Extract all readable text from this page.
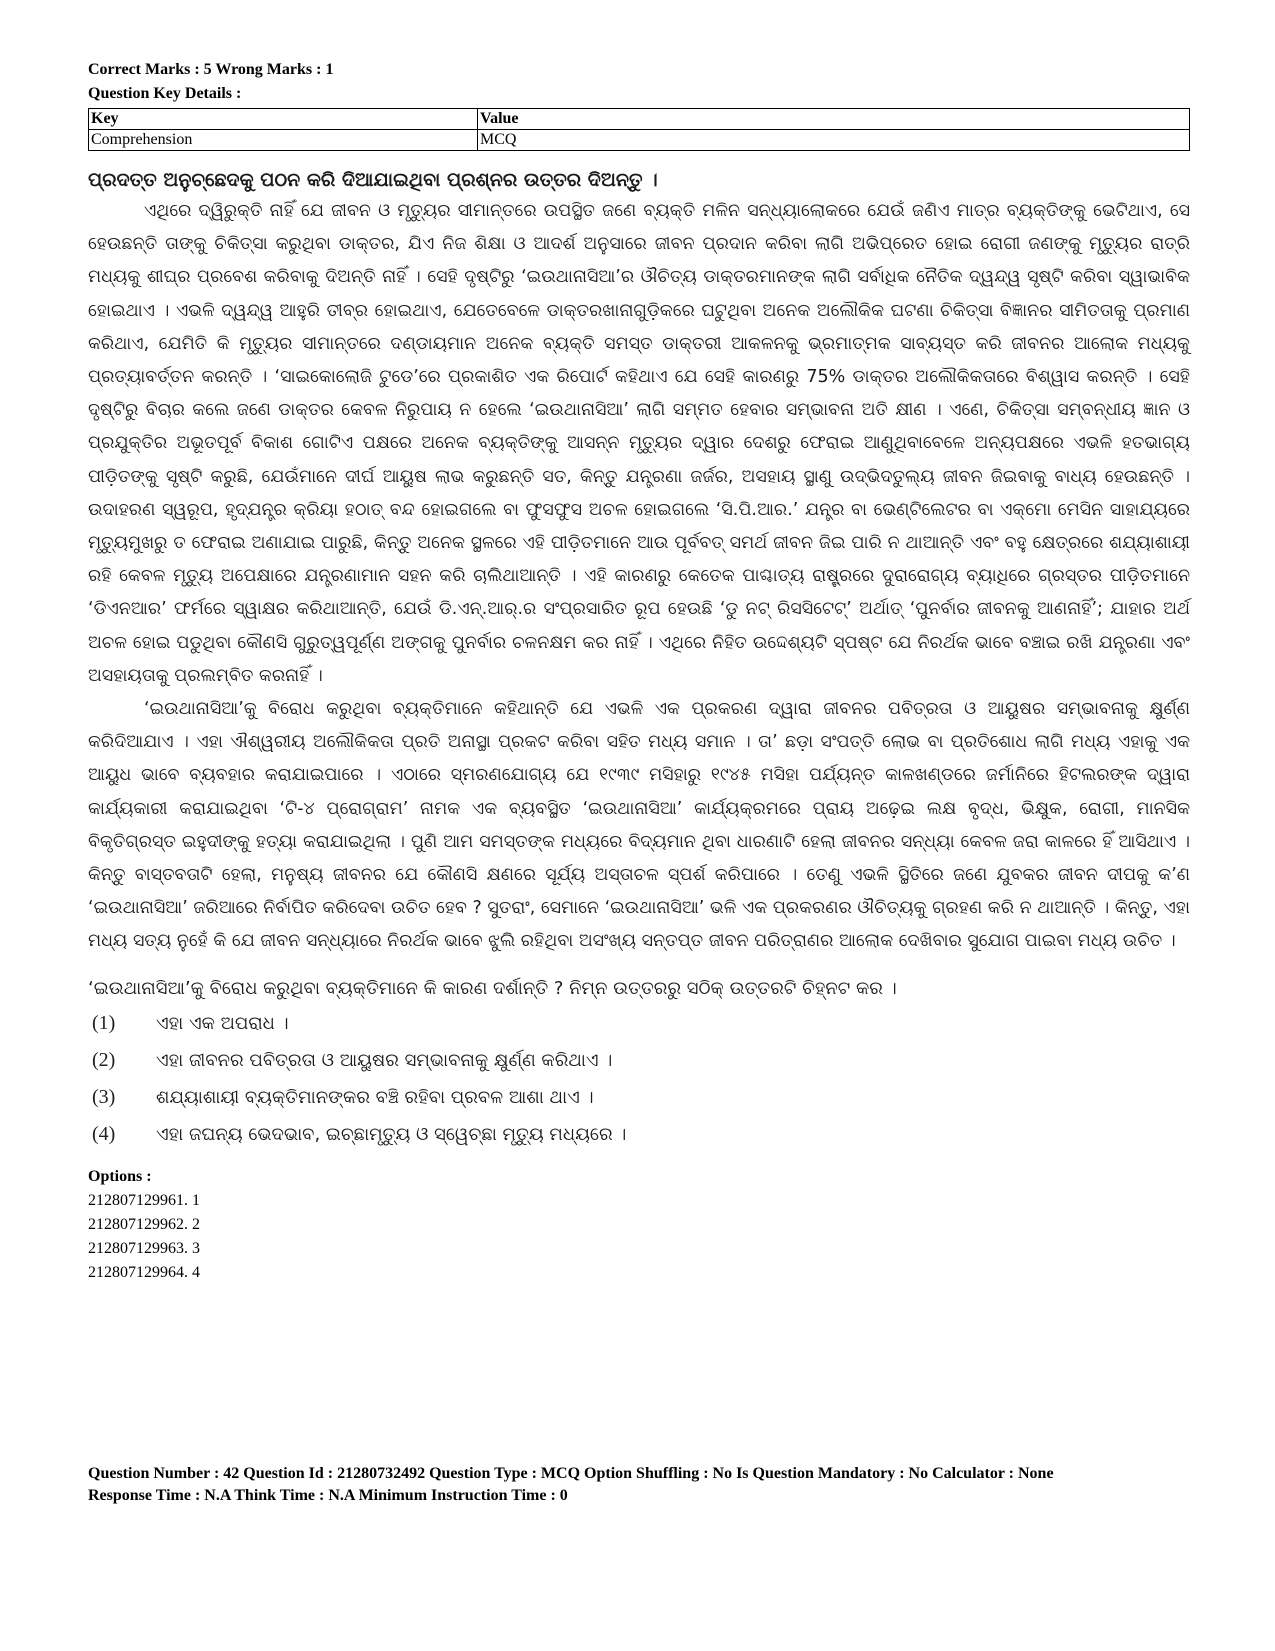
Correct Marks : 5 Wrong Marks : 1
Question Key Details :
Key	Value
Comprehension	MCQ
ପ୍ରଦତ୍ତ ଅନୁଚ୍ଛେଦକୁ ପଠନ କରି ଦିଆଯାଇଥିବା ପ୍ରଶ୍ନର ଉତ୍ତର ଦିଅନ୍ତୁ ।

ଏଥିରେ ଦ୍ୱିରୁକ୍ତି ନାହିଁ ଯେ ଜୀବନ ଓ ମୃତ୍ୟୁର ସୀମାନ୍ତରେ ଉପସ୍ଥିତ ଜଣେ ବ୍ୟକ୍ତି ମଳିନ ସନ୍ଧ୍ୟାଲୋକରେ ଯେଉଁ ଜଣିଏ ମାତ୍ର ବ୍ୟକ୍ତିଙ୍କୁ ଭେଟିଥାଏ, ସେ ହେଉଛନ୍ତି ତାଙ୍କୁ ଚିକିତ୍ସା କରୁଥିବା ଡାକ୍ତର, ଯିଏ ନିଜ ଶିକ୍ଷା ଓ ଆଦର୍ଶ ଅନୁସାରେ ଜୀବନ ପ୍ରଦାନ କରିବା ଲାଗି ଅଭିପ୍ରେତ ହୋଇ ରୋଗୀ ଜଣଙ୍କୁ ମୃତ୍ୟୁର ରାତ୍ରି ମଧ୍ୟକୁ ଶୀଘ୍ର ପ୍ରବେଶ କରିବାକୁ ଦିଅନ୍ତି ନାହିଁ । ସେହି ଦୃଷ୍ଟିରୁ ‘ଇଉଥାନାସିଆ’ର ଔଚିତ୍ୟ ଡାକ୍ତରମାନଙ୍କ ଲାଗି ସର୍ବାଧିକ ନୈତିକ ଦ୍ୱନ୍ଦ୍ୱ ସୃଷ୍ଟି କରିବା ସ୍ୱାଭାବିକ ହୋଇଥାଏ । ଏଭଳି ଦ୍ୱନ୍ଦ୍ୱ ଆହୁରି ତୀବ୍ର ହୋଇଥାଏ, ଯେତେବେଳେ ଡାକ୍ତରଖାନାଗୁଡ଼ିକରେ ଘଟୁଥିବା ଅନେକ ଅଲୌକିକ ଘଟଣା ଚିକିତ୍ସା ବିଜ୍ଞାନର ସୀମିତତାକୁ ପ୍ରମାଣ କରିଥାଏ, ଯେମିତି କି ମୃତ୍ୟୁର ସୀମାନ୍ତରେ ଦଣ୍ଡାୟମାନ ଅନେକ ବ୍ୟକ୍ତି ସମସ୍ତ ଡାକ୍ତରୀ ଆକଳନକୁ ଭ୍ରମାତ୍ମକ ସାବ୍ୟସ୍ତ କରି ଜୀବନର ଆଲୋକ ମଧ୍ୟକୁ ପ୍ରତ୍ୟାବର୍ତ୍ତନ କରନ୍ତି । ‘ସାଇକୋଲୋଜି ଟୁଡେ’ରେ ପ୍ରକାଶିତ ଏକ ରିପୋର୍ଟ କହିଥାଏ ଯେ ସେହି କାରଣରୁ 75% ଡାକ୍ତର ଅଲୌକିକତାରେ ବିଶ୍ୱାସ କରନ୍ତି । ସେହି ଦୃଷ୍ଟିରୁ ବିଚାର କଲେ ଜଣେ ଡାକ୍ତର କେବଳ ନିରୁପାୟ ନ ହେଲେ ‘ଇଉଥାନାସିଆ’ ଲାଗି ସମ୍ମତ ହେବାର ସମ୍ଭାବନା ଅତି କ୍ଷୀଣ । ଏଣେ, ଚିକିତ୍ସା ସମ୍ବନ୍ଧୀୟ ଜ୍ଞାନ ଓ ପ୍ରଯୁକ୍ତିର ଅଭୂତପୂର୍ବ ବିକାଶ ଗୋଟିଏ ପକ୍ଷରେ ଅନେକ ବ୍ୟକ୍ତିଙ୍କୁ ଆସନ୍ନ ମୃତ୍ୟୁର ଦ୍ୱାର ଦେଶରୁ ଫେରାଇ ଆଣୁଥିବାବେଳେ ଅନ୍ୟପକ୍ଷରେ ଏଭଳି ହତଭାଗ୍ୟ ପୀଡ଼ିତଙ୍କୁ ସୃଷ୍ଟି କରୁଛି, ଯେଉଁମାନେ ଦୀର୍ଘ ଆୟୁଷ ଲାଭ କରୁଛନ୍ତି ସତ, କିନ୍ତୁ ଯନ୍ତ୍ରଣା ଜର୍ଜର, ଅସହାୟ ସ୍ଥାଣୁ ଉଦ୍ଭିଦତୁଲ୍ୟ ଜୀବନ ଜିଇବାକୁ ବାଧ୍ୟ ହେଉଛନ୍ତି । ଉଦାହରଣ ସ୍ୱରୂପ, ହୃଦ୍‌ଯନ୍ତ୍ର କ୍ରିୟା ହଠାତ୍ ବନ୍ଦ ହୋଇଗଲେ ବା ଫୁସଫୁସ ଅଚଳ ହୋଇଗଲେ ‘ସି.ପି.ଆର.’ ଯନ୍ତ୍ର ବା ଭେଣ୍ଟିଲେଟର ବା ଏକ୍‌ମୋ ମେସିନ ସାହାଯ୍ୟରେ ମୃତ୍ୟୁମୁଖରୁ ତ ଫେରାଇ ଅଣାଯାଇ ପାରୁଛି, କିନ୍ତୁ ଅନେକ ସ୍ଥଳରେ ଏହି ପୀଡ଼ିତମାନେ ଆଉ ପୂର୍ବବତ୍ ସମର୍ଥ ଜୀବନ ଜିଇ ପାରି ନ ଥାଆନ୍ତି ଏବଂ ବହୁ କ୍ଷେତ୍ରରେ ଶଯ୍ୟାଶାୟୀ ରହି କେବଳ ମୃତ୍ୟୁ ଅପେକ୍ଷାରେ ଯନ୍ତ୍ରଣାମାନ ସହନ କରି ଚାଲିଥାଆନ୍ତି । ଏହି କାରଣରୁ କେତେକ ପାଶ୍ଚାତ୍ୟ ରାଷ୍ଟ୍ରରେ ଦୁରାରୋଗ୍ୟ ବ୍ୟାଧିରେ ଗ୍ରସ୍ତର ପୀଡ଼ିତମାନେ ‘ଡିଏନଆର’ ଫର୍ମରେ ସ୍ୱାକ୍ଷର କରିଥାଆନ୍ତି, ଯେଉଁ ଡି.ଏନ୍.ଆର୍.ର ସଂପ୍ରସାରିତ ରୂପ ହେଉଛି ‘ଡୁ ନଟ୍ ରିସସିଟେଟ୍’ ଅର୍ଥାତ୍ ‘ପୁନର୍ବାର ଜୀବନକୁ ଆଣନାହିଁ’; ଯାହାର ଅର୍ଥ ଅଚଳ ହୋଇ ପଡୁଥିବା କୌଣସି ଗୁରୁତ୍ୱପୂର୍ଣ୍ଣ ଅଙ୍ଗକୁ ପୁନର୍ବାର ଚଳନକ୍ଷମ କର ନାହିଁ । ଏଥିରେ ନିହିତ ଉଦ୍ଦେଶ୍ୟଟି ସ୍ପଷ୍ଟ ଯେ ନିରର୍ଥକ ଭାବେ ବଞ୍ଚାଇ ରଖି ଯନ୍ତ୍ରଣା ଏବଂ ଅସହାୟତାକୁ ପ୍ରଲମ୍ବିତ କରନାହିଁ ।

‘ଇଉଥାନାସିଆ’କୁ ବିରୋଧ କରୁଥିବା ବ୍ୟକ୍ତିମାନେ କହିଥାନ୍ତି ଯେ ଏଭଳି ଏକ ପ୍ରକରଣ ଦ୍ୱାରା ଜୀବନର ପବିତ୍ରତା ଓ ଆୟୁଷର ସମ୍ଭାବନାକୁ କ୍ଷୁର୍ଣ୍ଣ କରିଦିଆଯାଏ । ଏହା ଐଶ୍ୱରୀୟ ଅଲୌକିକତା ପ୍ରତି ଅନାସ୍ଥା ପ୍ରକଟ କରିବା ସହିତ ମଧ୍ୟ ସମାନ । ତା’ ଛଡ଼ା ସଂପତ୍ତି ଲୋଭ ବା ପ୍ରତିଶୋଧ ଲାଗି ମଧ୍ୟ ଏହାକୁ ଏକ ଆୟୁଧ ଭାବେ ବ୍ୟବହାର କରାଯାଇପାରେ । ଏଠାରେ ସ୍ମରଣଯୋଗ୍ୟ ଯେ ୧୯୩୯ ମସିହାରୁ ୧୯୪୫ ମସିହା ପର୍ଯ୍ୟନ୍ତ କାଳଖଣ୍ଡରେ ଜର୍ମାନିରେ ହିଟଲରଙ୍କ ଦ୍ୱାରା କାର୍ଯ୍ୟକାରୀ କରାଯାଇଥିବା ‘ଟି-୪ ପ୍ରୋଗ୍ରାମ’ ନାମକ ଏକ ବ୍ୟବସ୍ଥିତ ‘ଇଉଥାନାସିଆ’ କାର୍ଯ୍ୟକ୍ରମରେ ପ୍ରାୟ ଅଢ଼େଇ ଲକ୍ଷ ବୃଦ୍ଧ, ଭିକ୍ଷୁକ, ରୋଗୀ, ମାନସିକ ବିକୃତିଗ୍ରସ୍ତ ଇହୁଦୀଙ୍କୁ ହତ୍ୟା କରାଯାଇଥିଲା । ପୁଣି ଆମ ସମସ୍ତଙ୍କ ମଧ୍ୟରେ ବିଦ୍ୟମାନ ଥିବା ଧାରଣାଟି ହେଲା ଜୀବନର ସନ୍ଧ୍ୟା କେବଳ ଜରା କାଳରେ ହିଁ ଆସିଥାଏ । କିନ୍ତୁ ବାସ୍ତବତାଟି ହେଲା, ମନୁଷ୍ୟ ଜୀବନର ଯେ କୌଣସି କ୍ଷଣରେ ସୂର୍ଯ୍ୟ ଅସ୍ତାଚଳ ସ୍ପର୍ଶ କରିପାରେ । ତେଣୁ ଏଭଳି ସ୍ଥିତିରେ ଜଣେ ଯୁବକର ଜୀବନ ଦୀପକୁ କ’ଣ ‘ଇଉଥାନାସିଆ’ ଜରିଆରେ ନିର୍ବାପିତ କରିଦେବା ଉଚିତ ହେବ ? ସୁତରାଂ, ସେମାନେ ‘ଇଉଥାନାସିଆ’ ଭଳି ଏକ ପ୍ରକରଣର ଔଚିତ୍ୟକୁ ଗ୍ରହଣ କରି ନ ଥାଆନ୍ତି । କିନ୍ତୁ, ଏହା ମଧ୍ୟ ସତ୍ୟ ନୁହେଁ କି ଯେ ଜୀବନ ସନ୍ଧ୍ୟାରେ ନିରର୍ଥକ ଭାବେ ଝୁଲି ରହିଥିବା ଅସଂଖ୍ୟ ସନ୍ତପ୍ତ ଜୀବନ ପରିତ୍ରାଣର ଆଲୋକ ଦେଖିବାର ସୁଯୋଗ ପାଇବା ମଧ୍ୟ ଉଚିତ ।

‘ଇଉଥାନାସିଆ’କୁ ବିରୋଧ କରୁଥିବା ବ୍ୟକ୍ତିମାନେ କି କାରଣ ଦର୍ଶାନ୍ତି ? ନିମ୍ନ ଉତ୍ତରରୁ ସଠିକ୍ ଉତ୍ତରଟି ଚିହ୍ନଟ କର ।
(1)	ଏହା ଏକ ଅପରାଧ ।
(2)	ଏହା ଜୀବନର ପବିତ୍ରତା ଓ ଆୟୁଷର ସମ୍ଭାବନାକୁ କ୍ଷୁର୍ଣ୍ଣ କରିଥାଏ ।
(3)	ଶଯ୍ୟାଶାୟୀ ବ୍ୟକ୍ତିମାନଙ୍କର ବଞ୍ଚି ରହିବା ପ୍ରବଳ ଆଶା ଥାଏ ।
(4)	ଏହା ଜଘନ୍ୟ ଭେଦଭାବ, ଇଚ୍ଛାମୃତ୍ୟୁ ଓ ସ୍ୱେଚ୍ଛା ମୃତ୍ୟୁ ମଧ୍ୟରେ ।
Options :
212807129961. 1
212807129962. 2
212807129963. 3
212807129964. 4
Question Number : 42 Question Id : 21280732492 Question Type : MCQ Option Shuffling : No Is Question Mandatory : No Calculator : None
Response Time : N.A Think Time : N.A Minimum Instruction Time : 0
